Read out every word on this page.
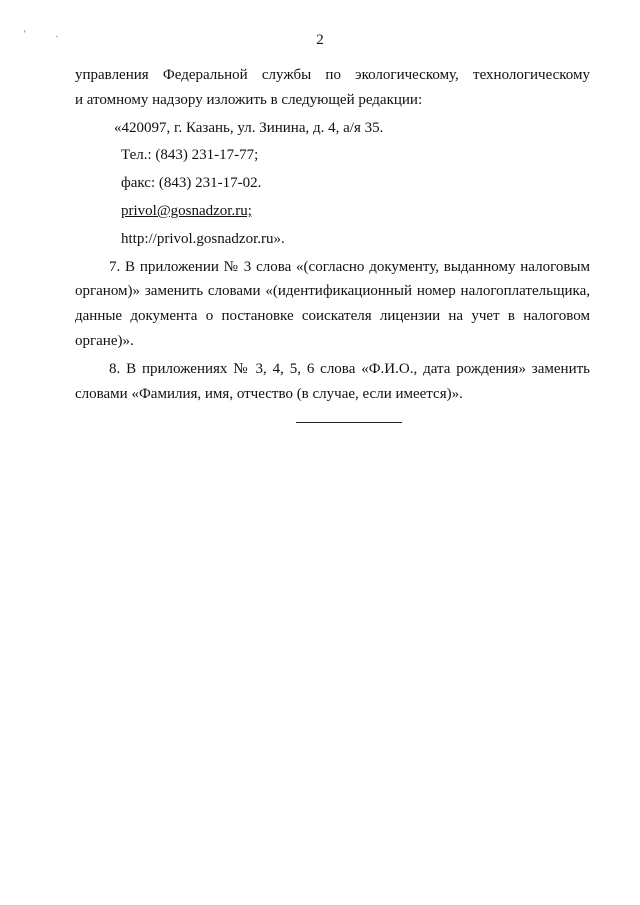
' .	2
управления Федеральной службы по экологическому, технологическому
и атомному надзору изложить в следующей редакции:
«420097, г. Казань, ул. Зинина, д. 4, а/я 35.
Тел.: (843) 231-17-77;
факс: (843) 231-17-02.
privol@gosnadzor.ru;
http://privol.gosnadzor.ru».
7. В приложении № 3 слова «(согласно документу, выданному налоговым
органом)» заменить словами «(идентификационный номер налогоплательщика,
данные документа о постановке соискателя лицензии на учет в налоговом
органе)».
8. В приложениях № 3, 4, 5, 6 слова «Ф.И.О., дата рождения» заменить
словами «Фамилия, имя, отчество (в случае, если имеется)».
